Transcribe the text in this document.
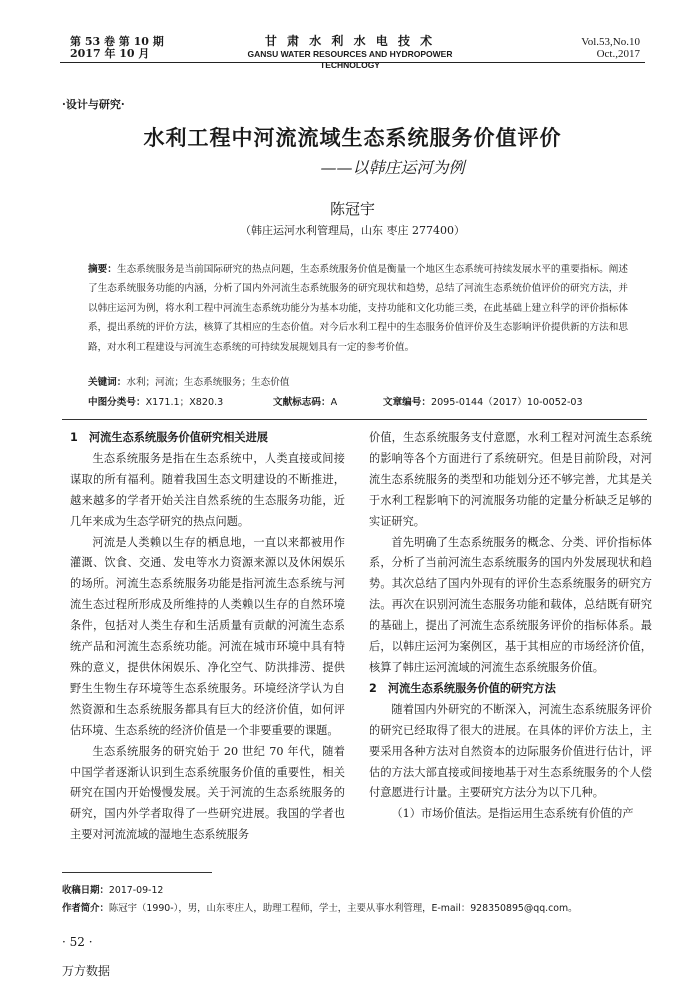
第 53 卷 第 10 期
2017 年 10 月
甘 肃 水 利 水 电 技 术
GANSU WATER RESOURCES AND HYDROPOWER TECHNOLOGY
Vol.53,No.10
Oct.,2017
·设计与研究·
水利工程中河流流域生态系统服务价值评价
——以韩庄运河为例
陈冠宇
（韩庄运河水利管理局，山东 枣庄 277400）
摘要：生态系统服务是当前国际研究的热点问题，生态系统服务价值是衡量一个地区生态系统可持续发展水平的重要指标。阐述了生态系统服务功能的内涵，分析了国内外河流生态系统服务的研究现状和趋势，总结了河流生态系统价值评价的研究方法，并以韩庄运河为例，将水利工程中河流生态系统功能分为基本功能，支持功能和文化功能三类，在此基础上建立科学的评价指标体系，提出系统的评价方法，核算了其相应的生态价值。对今后水利工程中的生态服务价值评价及生态影响评价提供新的方法和思路，对水利工程建设与河流生态系统的可持续发展规划具有一定的参考价值。
关键词：水利；河流；生态系统服务；生态价值
中图分类号：X171.1；X820.3	文献标志码：A	文章编号：2095-0144（2017）10-0052-03
1　河流生态系统服务价值研究相关进展

生态系统服务是指在生态系统中，人类直接或间接谋取的所有福利。随着我国生态文明建设的不断推进，越来越多的学者开始关注自然系统的生态服务功能，近几年来成为生态学研究的热点问题。

河流是人类赖以生存的栖息地，一直以来都被用作灌溉、饮食、交通、发电等水力资源来源以及休闲娱乐的场所。河流生态系统服务功能是指河流生态系统与河流生态过程所形成及所维持的人类赖以生存的自然环境条件，包括对人类生存和生活质量有贡献的河流生态系统产品和河流生态系统功能。河流在城市环境中具有特殊的意义，提供休闲娱乐、净化空气、防洪排涝、提供野生生物生存环境等生态系统服务。环境经济学认为自然资源和生态系统服务都具有巨大的经济价值，如何评估环境、生态系统的经济价值是一个非要重要的课题。

生态系统服务的研究始于 20 世纪 70 年代，随着中国学者逐渐认识到生态系统服务价值的重要性，相关研究在国内开始慢慢发展。关于河流的生态系统服务的研究，国内外学者取得了一些研究进展。我国的学者也主要对河流流域的湿地生态系统服务

价值，生态系统服务支付意愿，水利工程对河流生态系统的影响等各个方面进行了系统研究。但是目前阶段，对河流生态系统服务的类型和功能划分还不够完善，尤其是关于水利工程影响下的河流服务功能的定量分析缺乏足够的实证研究。

首先明确了生态系统服务的概念、分类、评价指标体系，分析了当前河流生态系统服务的国内外发展现状和趋势。其次总结了国内外现有的评价生态系统服务的研究方法。再次在识别河流生态服务功能和载体，总结既有研究的基础上，提出了河流生态系统服务评价的指标体系。最后，以韩庄运河为案例区，基于其相应的市场经济价值，核算了韩庄运河流域的河流生态系统服务价值。

2　河流生态系统服务价值的研究方法

随着国内外研究的不断深入，河流生态系统服务评价的研究已经取得了很大的进展。在具体的评价方法上，主要采用各种方法对自然资本的边际服务价值进行估计，评估的方法大部直接或间接地基于对生态系统服务的个人偿付意愿进行计量。主要研究方法分为以下几种。

（1）市场价值法。是指运用生态系统有价值的产

收稿日期：2017-09-12
作者简介：陈冠宇（1990-），男，山东枣庄人，助理工程师，学士，主要从事水利管理，E-mail：928350895@qq.com。
· 52 ·
万方数据
